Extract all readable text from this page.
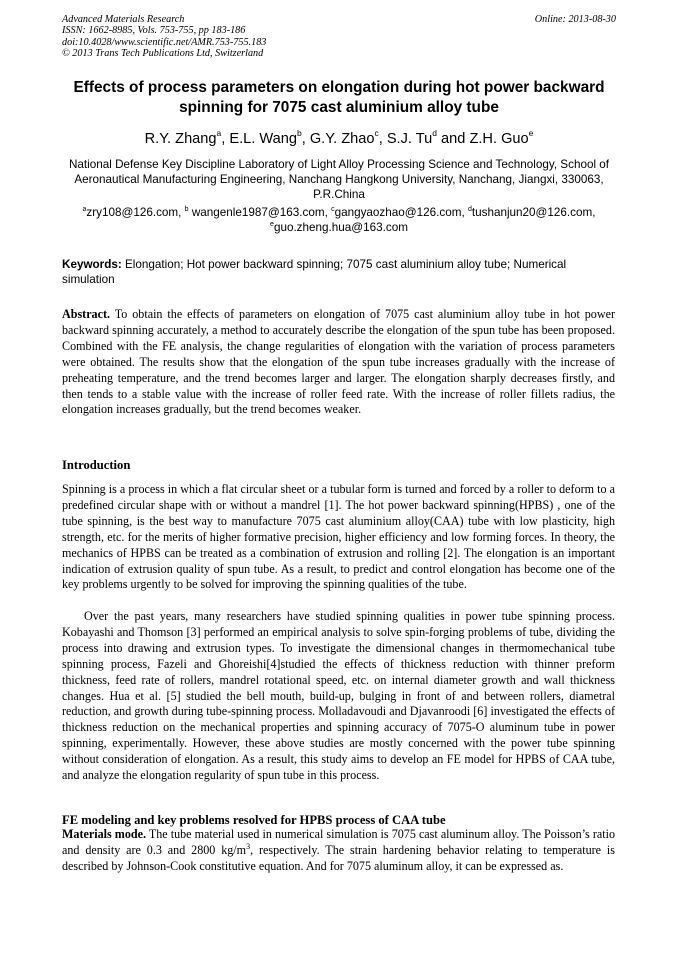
Advanced Materials Research
ISSN: 1662-8985, Vols. 753-755, pp 183-186
doi:10.4028/www.scientific.net/AMR.753-755.183
© 2013 Trans Tech Publications Ltd, Switzerland
Online: 2013-08-30
Effects of process parameters on elongation during hot power backward spinning for 7075 cast aluminium alloy tube
R.Y. Zhang$^a$, E.L. Wang$^b$, G.Y. Zhao$^c$, S.J. Tu$^d$ and Z.H. Guo$^e$
National Defense Key Discipline Laboratory of Light Alloy Processing Science and Technology, School of Aeronautical Manufacturing Engineering, Nanchang Hangkong University, Nanchang, Jiangxi, 330063, P.R.China
$^a$zry108@126.com, $^b$ wangenle1987@163.com, $^c$gangyaozhao@126.com, $^d$tushanjun20@126.com,
$^e$guo.zheng.hua@163.com
Keywords: Elongation; Hot power backward spinning; 7075 cast aluminium alloy tube; Numerical simulation
Abstract. To obtain the effects of parameters on elongation of 7075 cast aluminium alloy tube in hot power backward spinning accurately, a method to accurately describe the elongation of the spun tube has been proposed. Combined with the FE analysis, the change regularities of elongation with the variation of process parameters were obtained. The results show that the elongation of the spun tube increases gradually with the increase of preheating temperature, and the trend becomes larger and larger. The elongation sharply decreases firstly, and then tends to a stable value with the increase of roller feed rate. With the increase of roller fillets radius, the elongation increases gradually, but the trend becomes weaker.
Introduction
Spinning is a process in which a flat circular sheet or a tubular form is turned and forced by a roller to deform to a predefined circular shape with or without a mandrel [1]. The hot power backward spinning(HPBS) , one of the tube spinning, is the best way to manufacture 7075 cast aluminium alloy(CAA) tube with low plasticity, high strength, etc. for the merits of higher formative precision, higher efficiency and low forming forces. In theory, the mechanics of HPBS can be treated as a combination of extrusion and rolling [2]. The elongation is an important indication of extrusion quality of spun tube. As a result, to predict and control elongation has become one of the key problems urgently to be solved for improving the spinning qualities of the tube.
Over the past years, many researchers have studied spinning qualities in power tube spinning process. Kobayashi and Thomson [3] performed an empirical analysis to solve spin-forging problems of tube, dividing the process into drawing and extrusion types. To investigate the dimensional changes in thermomechanical tube spinning process, Fazeli and Ghoreishi[4]studied the effects of thickness reduction with thinner preform thickness, feed rate of rollers, mandrel rotational speed, etc. on internal diameter growth and wall thickness changes. Hua et al. [5] studied the bell mouth, build-up, bulging in front of and between rollers, diametral reduction, and growth during tube-spinning process. Molladavoudi and Djavanroodi [6] investigated the effects of thickness reduction on the mechanical properties and spinning accuracy of 7075-O aluminum tube in power spinning, experimentally. However, these above studies are mostly concerned with the power tube spinning without consideration of elongation. As a result, this study aims to develop an FE model for HPBS of CAA tube, and analyze the elongation regularity of spun tube in this process.
FE modeling and key problems resolved for HPBS process of CAA tube
Materials mode. The tube material used in numerical simulation is 7075 cast aluminum alloy. The Poisson’s ratio and density are 0.3 and 2800 $kg/m^3$, respectively. The strain hardening behavior relating to temperature is described by Johnson-Cook constitutive equation. And for 7075 aluminum alloy, it can be expressed as.
